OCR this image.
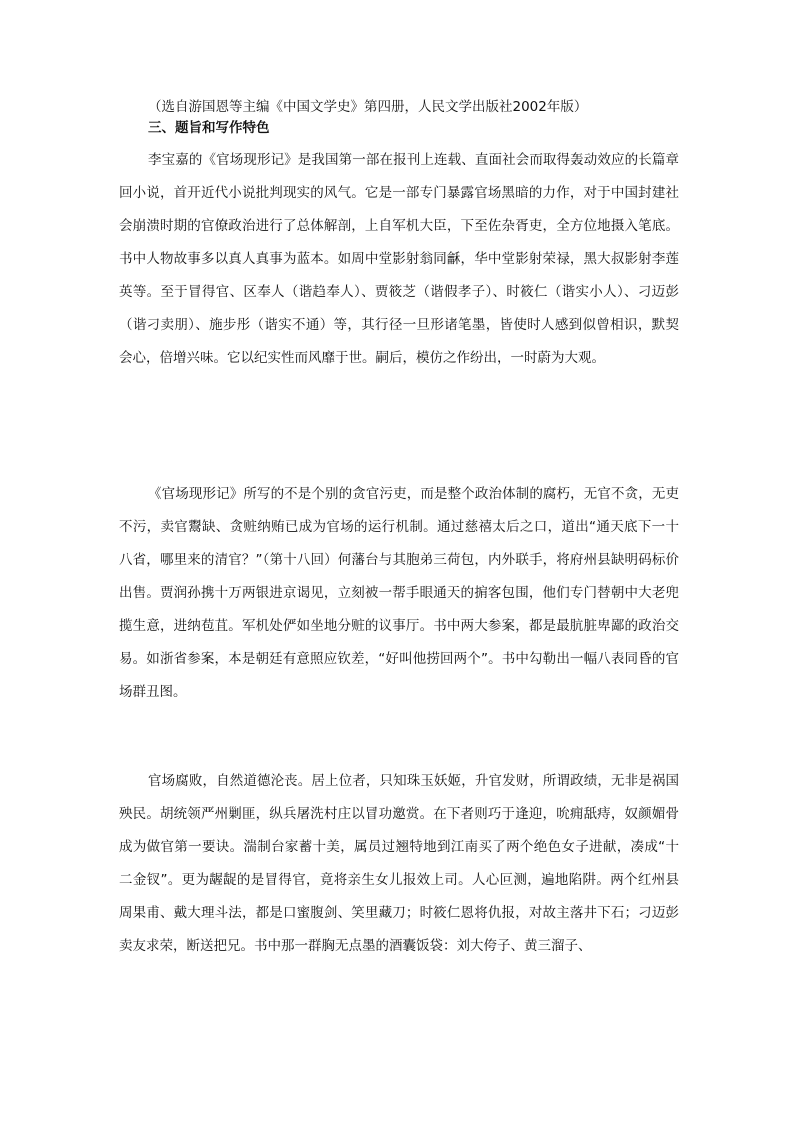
（选自游国恩等主编《中国文学史》第四册，人民文学出版社2002年版）
三、题旨和写作特色

李宝嘉的《官场现形记》是我国第一部在报刊上连载、直面社会而取得轰动效应的长篇章回小说，首开近代小说批判现实的风气。它是一部专门暴露官场黑暗的力作，对于中国封建社会崩溃时期的官僚政治进行了总体解剖，上自军机大臣，下至佐杂胥吏，全方位地摄入笔底。书中人物故事多以真人真事为蓝本。如周中堂影射翁同龢，华中堂影射荣禄，黑大叔影射李莲英等。至于冒得官、区奉人（谐趋奉人）、贾筱芝（谐假孝子）、时筱仁（谐实小人）、刁迈彭（谐刁卖朋）、施步彤（谐实不通）等，其行径一旦形诸笔墨，皆使时人感到似曾相识，默契会心，倍增兴味。它以纪实性而风靡于世。嗣后，模仿之作纷出，一时蔚为大观。

《官场现形记》所写的不是个别的贪官污吏，而是整个政治体制的腐朽，无官不贪，无吏不污，卖官鬻缺、贪赃纳贿已成为官场的运行机制。通过慈禧太后之口，道出“通天底下一十八省，哪里来的清官？”（第十八回）何藩台与其胞弟三荷包，内外联手，将府州县缺明码标价出售。贾润孙携十万两银进京谒见，立刻被一帮手眼通天的掮客包围，他们专门替朝中大老兜揽生意，进纳苞苴。军机处俨如坐地分赃的议事厅。书中两大参案，都是最肮脏卑鄙的政治交易。如浙省参案，本是朝廷有意照应钦差，“好叫他捞回两个”。书中勾勒出一幅八表同昏的官场群丑图。

官场腐败，自然道德沦丧。居上位者，只知珠玉妖姬，升官发财，所谓政绩，无非是祸国殃民。胡统领严州剿匪，纵兵屠洗村庄以冒功邀赏。在下者则巧于逢迎，吮痈舐痔，奴颜媚骨成为做官第一要诀。湍制台家蓄十美，属员过翘特地到江南买了两个绝色女子进献，凑成“十二金钗”。更为龌龊的是冒得官，竟将亲生女儿报效上司。人心叵测，遍地陷阱。两个红州县周果甫、戴大理斗法，都是口蜜腹剑、笑里藏刀；时筱仁恩将仇报，对故主落井下石；刁迈彭卖友求荣，断送把兄。书中那一群胸无点墨的酒囊饭袋：刘大侉子、黄三溜子、
